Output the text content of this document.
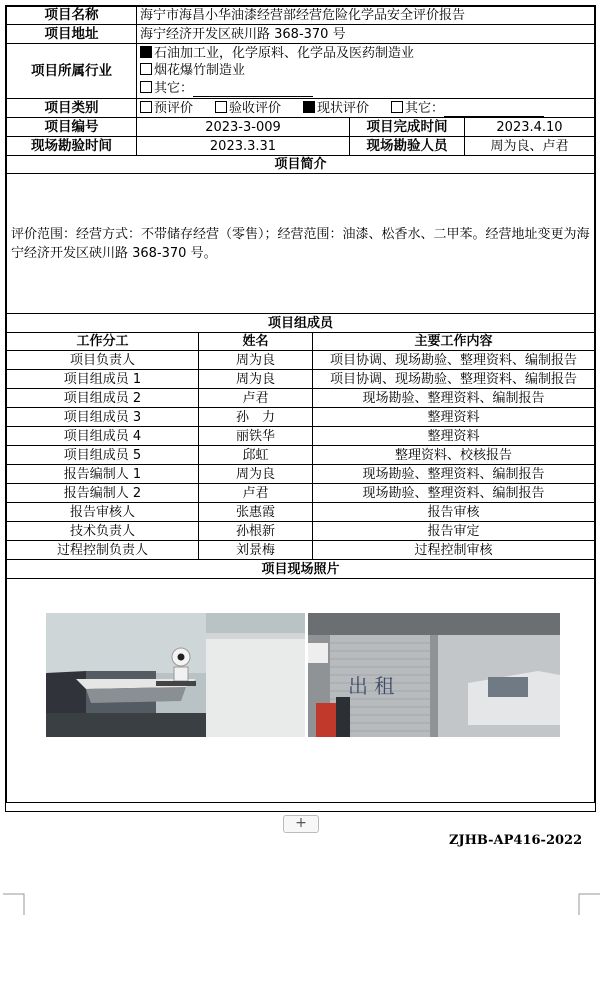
项目名称	海宁市海昌小华油漆经营部经营危险化学品安全评价报告		
项目地址	海宁经济开发区硖川路 368-370 号		
项目所属行业	石油加工业，化学原料、化学品及医药制造业
烟花爆竹制造业
其它：		

项目类别	预评价 验收评价 现状评价 其它：		
项目编号	2023-3-009	项目完成时间	2023.4.10
现场勘验时间	2023.3.31	现场勘验人员	周为良、卢君
项目简介			
评价范围：经营方式：不带储存经营（零售）；经营范围：油漆、松香水、二甲苯。经营地址变更为海宁经济开发区硖川路 368-370 号。			
项目组成员		
工作分工	姓名	主要工作内容
项目负责人	周为良	项目协调、现场勘验、整理资料、编制报告
项目组成员 1	周为良	项目协调、现场勘验、整理资料、编制报告
项目组成员 2	卢君	现场勘验、整理资料、编制报告
项目组成员 3	孙　力	整理资料
项目组成员 4	丽铁华	整理资料
项目组成员 5	邱虹	整理资料、校核报告
报告编制人 1	周为良	现场勘验、整理资料、编制报告
报告编制人 2	卢君	现场勘验、整理资料、编制报告
报告审核人	张惠霞	报告审核
技术负责人	孙根新	报告审定
过程控制负责人	刘景梅	过程控制审核
项目现场照片		

出 租		
+
ZJHB-AP416-2022
